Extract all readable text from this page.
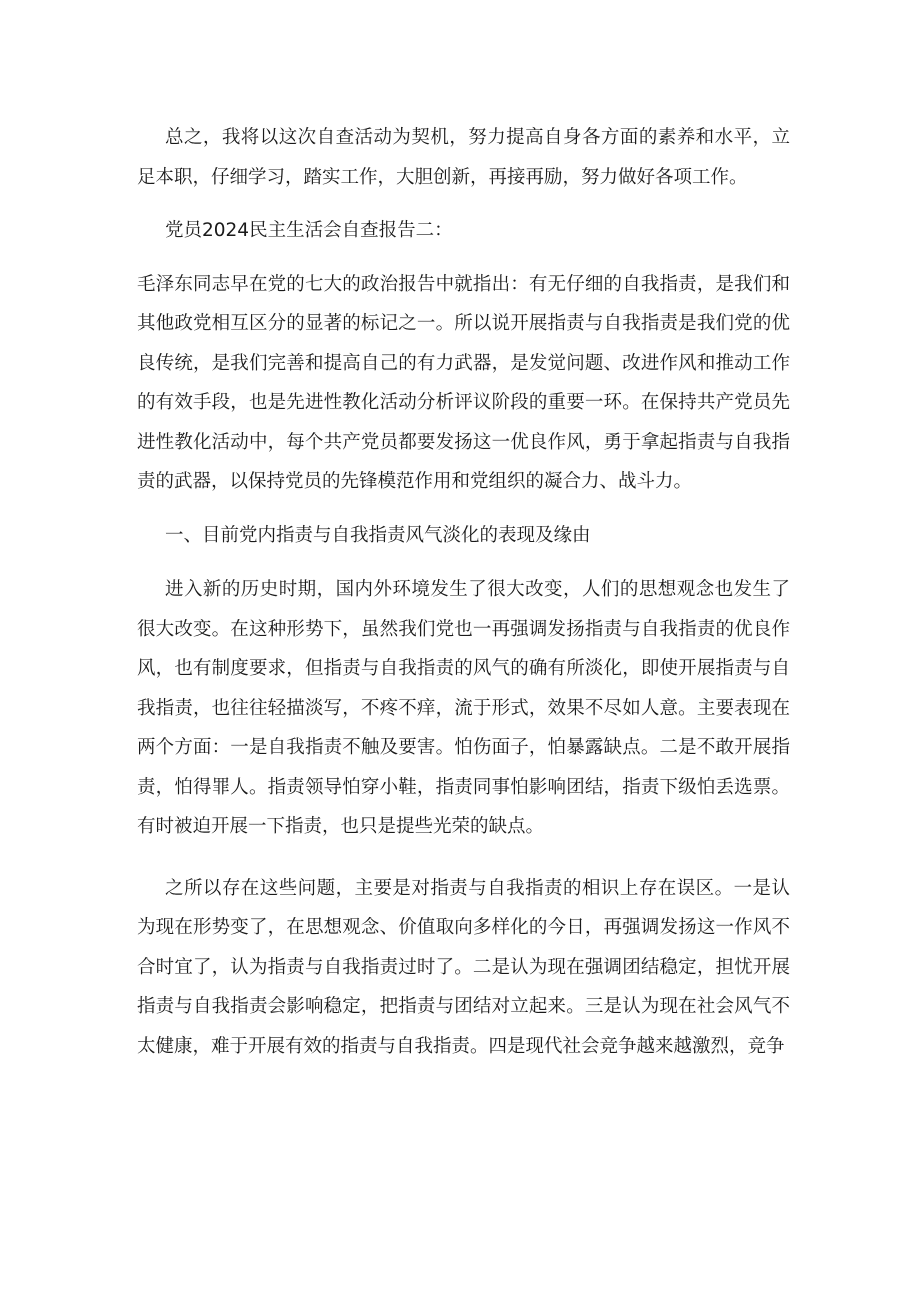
总之，我将以这次自查活动为契机，努力提高自身各方面的素养和水平，立足本职，仔细学习，踏实工作，大胆创新，再接再励，努力做好各项工作。

党员2024民主生活会自查报告二：

毛泽东同志早在党的七大的政治报告中就指出：有无仔细的自我指责，是我们和其他政党相互区分的显著的标记之一。所以说开展指责与自我指责是我们党的优良传统，是我们完善和提高自己的有力武器，是发觉问题、改进作风和推动工作的有效手段，也是先进性教化活动分析评议阶段的重要一环。在保持共产党员先进性教化活动中，每个共产党员都要发扬这一优良作风，勇于拿起指责与自我指责的武器，以保持党员的先锋模范作用和党组织的凝合力、战斗力。

一、目前党内指责与自我指责风气淡化的表现及缘由

进入新的历史时期，国内外环境发生了很大改变，人们的思想观念也发生了很大改变。在这种形势下，虽然我们党也一再强调发扬指责与自我指责的优良作风，也有制度要求，但指责与自我指责的风气的确有所淡化，即使开展指责与自我指责，也往往轻描淡写，不疼不痒，流于形式，效果不尽如人意。主要表现在两个方面：一是自我指责不触及要害。怕伤面子，怕暴露缺点。二是不敢开展指责，怕得罪人。指责领导怕穿小鞋，指责同事怕影响团结，指责下级怕丢选票。有时被迫开展一下指责，也只是提些光荣的缺点。

之所以存在这些问题，主要是对指责与自我指责的相识上存在误区。一是认为现在形势变了，在思想观念、价值取向多样化的今日，再强调发扬这一作风不合时宜了，认为指责与自我指责过时了。二是认为现在强调团结稳定，担忧开展指责与自我指责会影响稳定，把指责与团结对立起来。三是认为现在社会风气不太健康，难于开展有效的指责与自我指责。四是现代社会竞争越来越激烈，竞争
